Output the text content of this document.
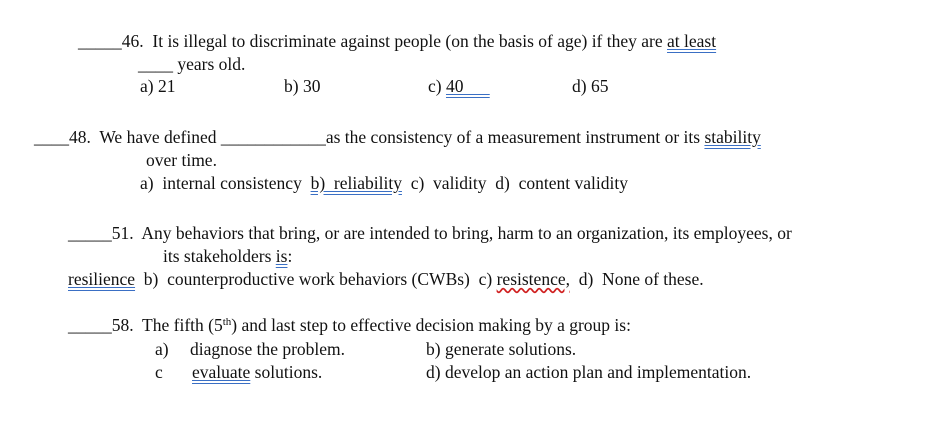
_____46. It is illegal to discriminate against people (on the basis of age) if they are at least
____ years old.
a) 21	b) 30	c) 40	d) 65
____48. We have defined ____________as the consistency of a measurement instrument or its stability
over time.
a)  internal consistency  b)  reliability  c)  validity  d)  content validity
_____51.  Any behaviors that bring, or are intended to bring, harm to an organization, its employees, or
its stakeholders is:
resilience b)  counterproductive work behaviors (CWBs)  c) resistence,  d)  None of these.
_____58.  The fifth (5th) and last step to effective decision making by a group is:
a) diagnose the problem.	b) generate solutions.
c evaluate solutions.	d) develop an action plan and implementation.
